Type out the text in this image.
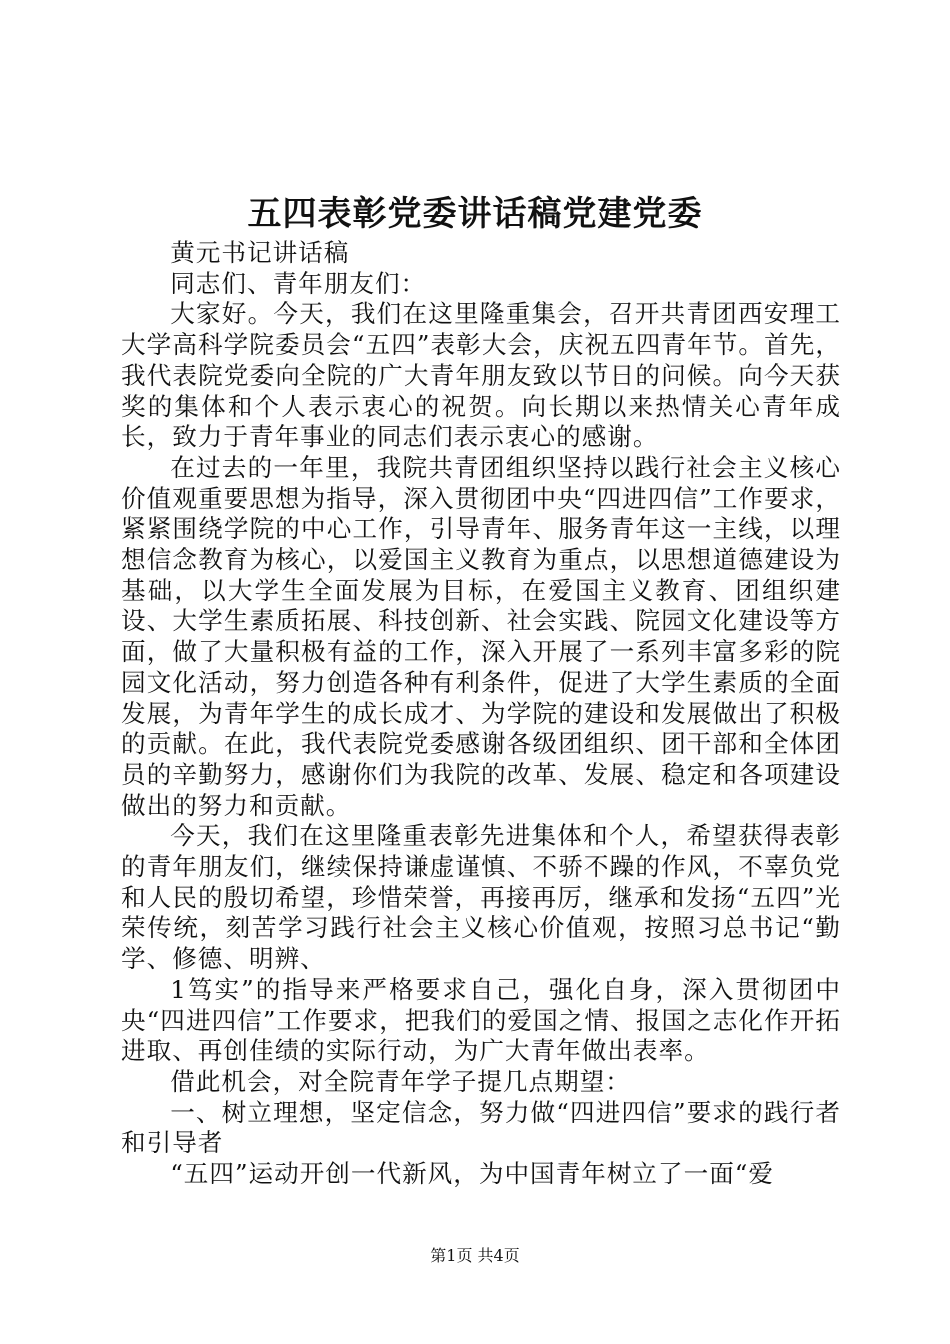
五四表彰党委讲话稿党建党委

黄元书记讲话稿

同志们、青年朋友们：

大家好。今天，我们在这里隆重集会，召开共青团西安理工大学高科学院委员会“五四”表彰大会，庆祝五四青年节。首先，我代表院党委向全院的广大青年朋友致以节日的问候。向今天获奖的集体和个人表示衷心的祝贺。向长期以来热情关心青年成长，致力于青年事业的同志们表示衷心的感谢。

在过去的一年里，我院共青团组织坚持以践行社会主义核心价值观重要思想为指导，深入贯彻团中央“四进四信”工作要求，紧紧围绕学院的中心工作，引导青年、服务青年这一主线，以理想信念教育为核心，以爱国主义教育为重点，以思想道德建设为基础，以大学生全面发展为目标，在爱国主义教育、团组织建设、大学生素质拓展、科技创新、社会实践、院园文化建设等方面，做了大量积极有益的工作，深入开展了一系列丰富多彩的院园文化活动，努力创造各种有利条件，促进了大学生素质的全面发展，为青年学生的成长成才、为学院的建设和发展做出了积极的贡献。在此，我代表院党委感谢各级团组织、团干部和全体团员的辛勤努力，感谢你们为我院的改革、发展、稳定和各项建设做出的努力和贡献。

今天，我们在这里隆重表彰先进集体和个人，希望获得表彰的青年朋友们，继续保持谦虚谨慎、不骄不躁的作风，不辜负党和人民的殷切希望，珍惜荣誉，再接再厉，继承和发扬“五四”光荣传统，刻苦学习践行社会主义核心价值观，按照习总书记“勤学、修德、明辨、

1笃实”的指导来严格要求自己，强化自身，深入贯彻团中央“四进四信”工作要求，把我们的爱国之情、报国之志化作开拓进取、再创佳绩的实际行动，为广大青年做出表率。

借此机会，对全院青年学子提几点期望：

一、树立理想，坚定信念，努力做“四进四信”要求的践行者和引导者

“五四”运动开创一代新风，为中国青年树立了一面“爱

第1页 共4页
